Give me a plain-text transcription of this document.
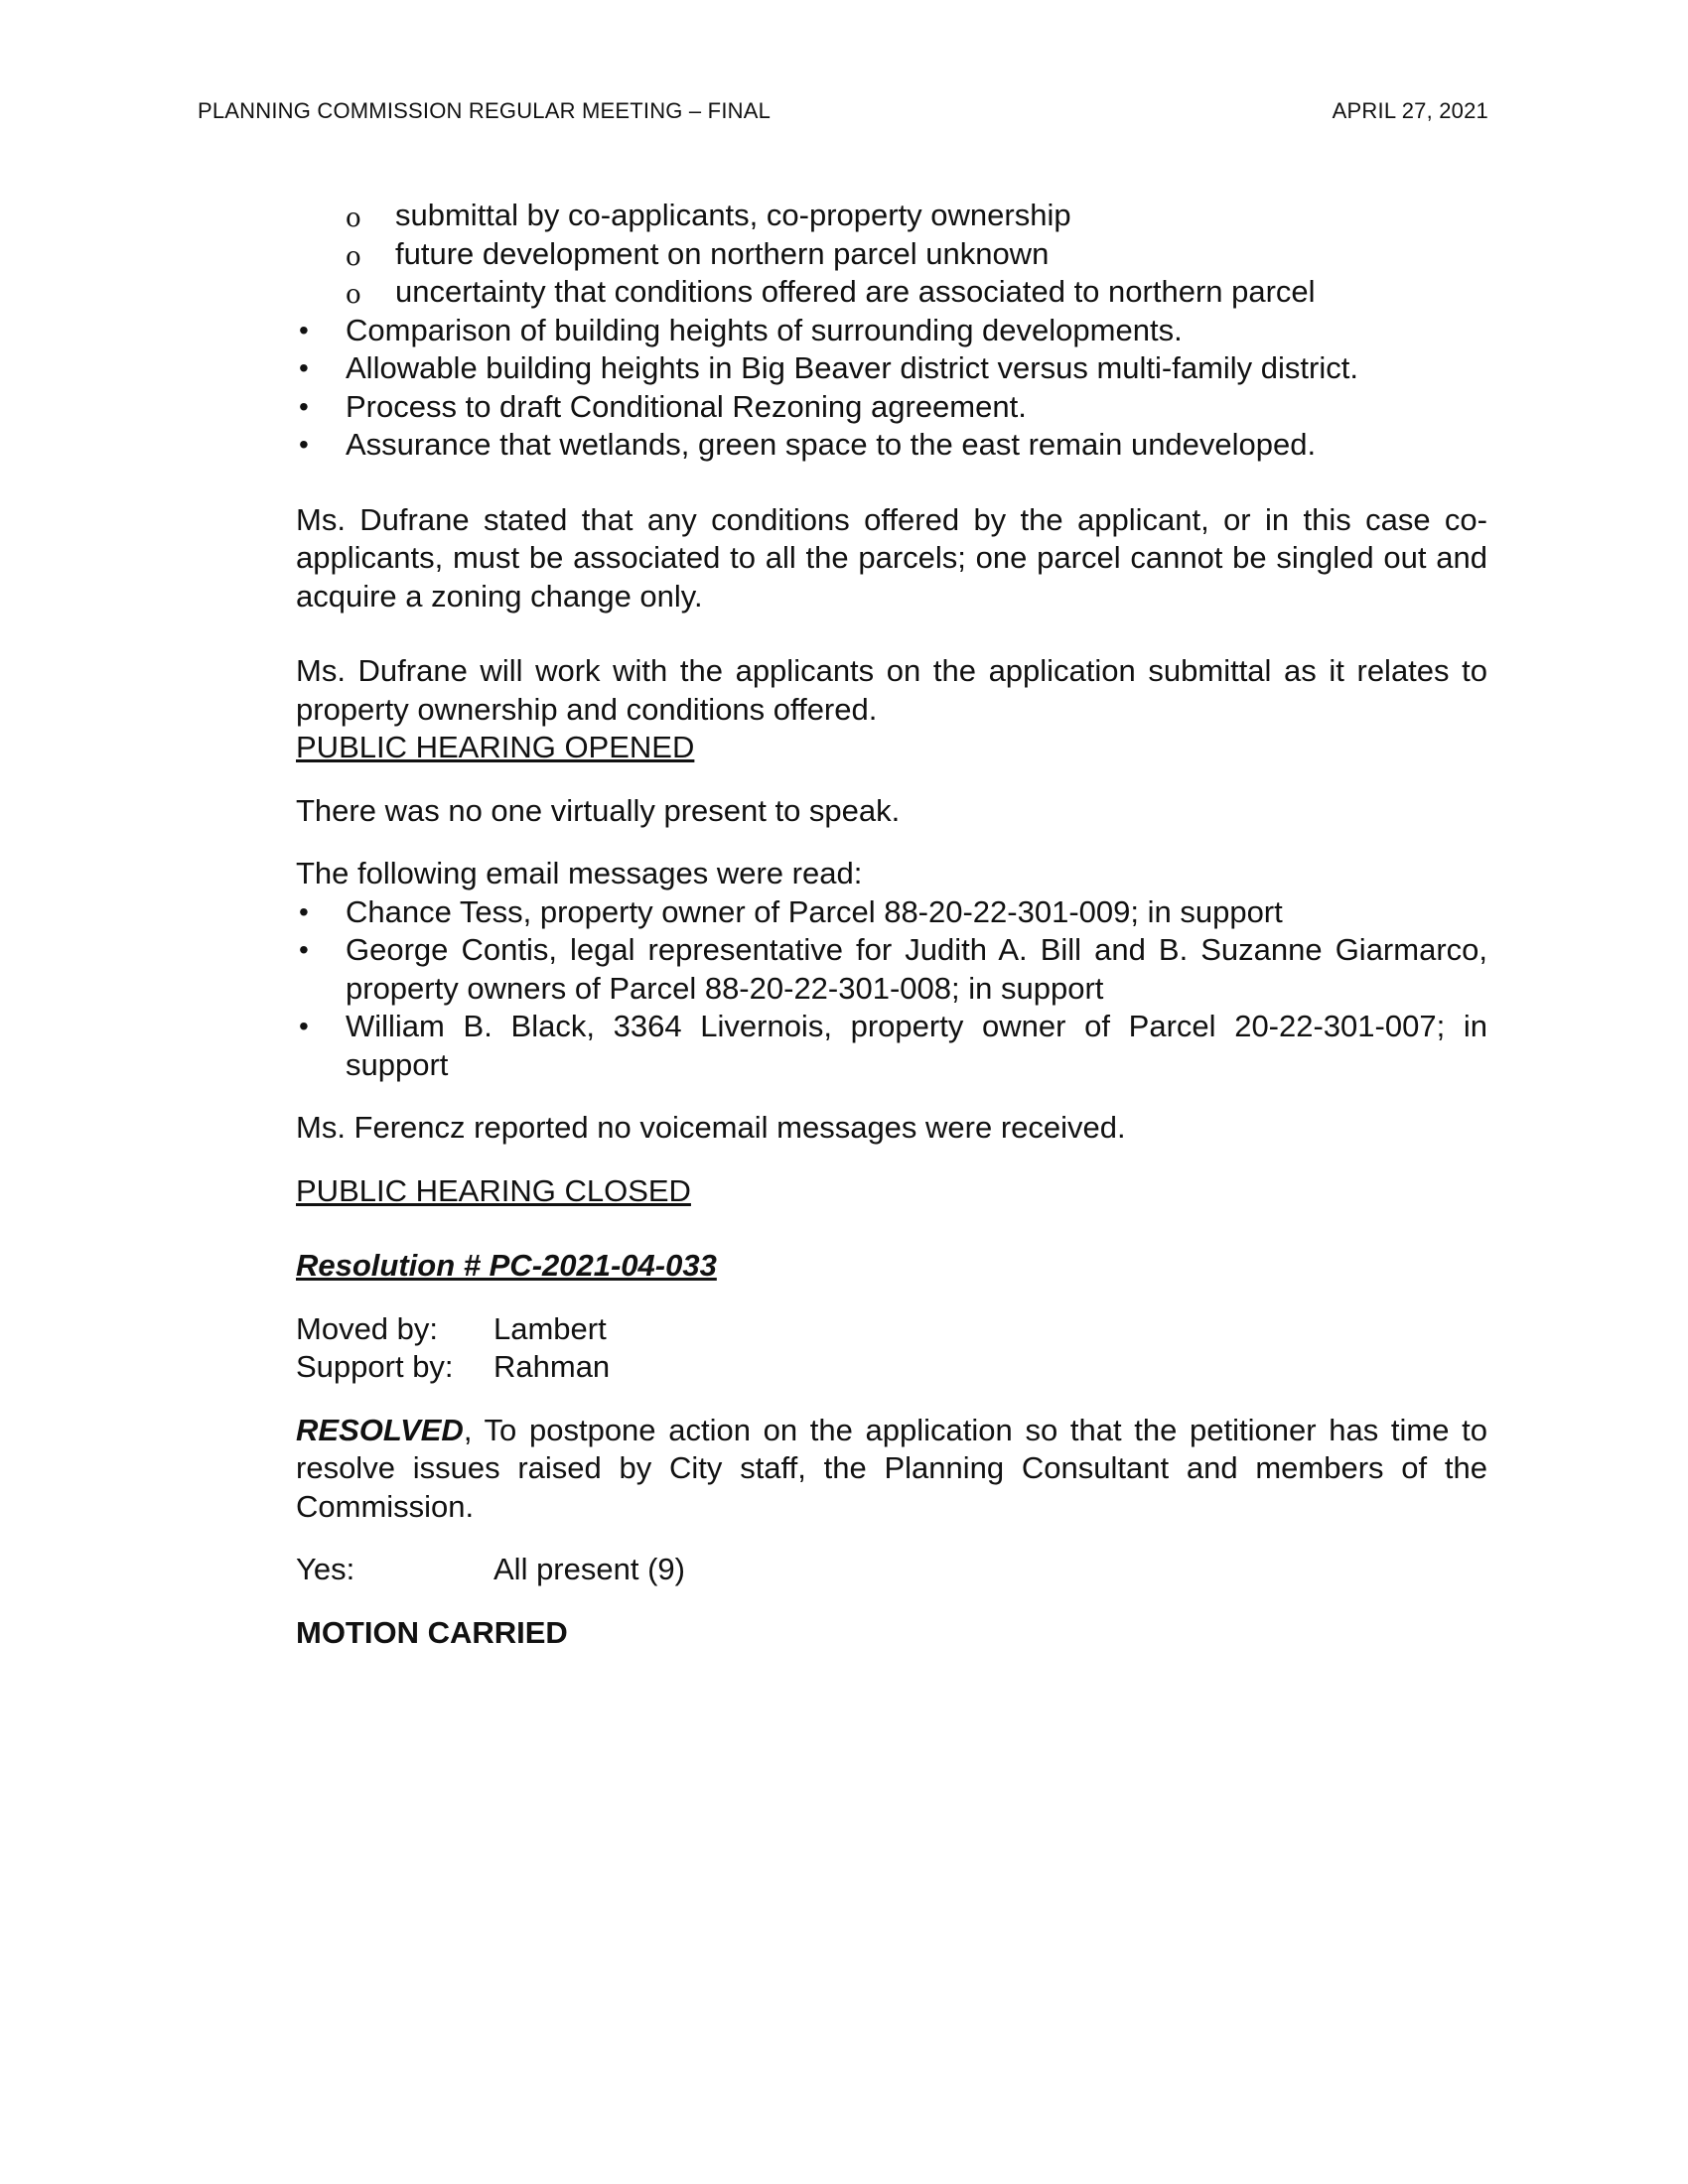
PLANNING COMMISSION REGULAR MEETING – FINAL	APRIL 27, 2021
o submittal by co-applicants, co-property ownership
o future development on northern parcel unknown
o uncertainty that conditions offered are associated to northern parcel
• Comparison of building heights of surrounding developments.
• Allowable building heights in Big Beaver district versus multi-family district.
• Process to draft Conditional Rezoning agreement.
• Assurance that wetlands, green space to the east remain undeveloped.

Ms. Dufrane stated that any conditions offered by the applicant, or in this case co-applicants, must be associated to all the parcels; one parcel cannot be singled out and acquire a zoning change only.

Ms. Dufrane will work with the applicants on the application submittal as it relates to property ownership and conditions offered.

PUBLIC HEARING OPENED

There was no one virtually present to speak.

The following email messages were read:

• Chance Tess, property owner of Parcel 88-20-22-301-009; in support
• George Contis, legal representative for Judith A. Bill and B. Suzanne Giarmarco, property owners of Parcel 88-20-22-301-008; in support
• William B. Black, 3364 Livernois, property owner of Parcel 20-22-301-007; in support

Ms. Ferencz reported no voicemail messages were received.

PUBLIC HEARING CLOSED

Resolution # PC-2021-04-033

Moved by:	Lambert
Support by:	Rahman

RESOLVED, To postpone action on the application so that the petitioner has time to resolve issues raised by City staff, the Planning Consultant and members of the Commission.

Yes:	All present (9)

MOTION CARRIED
